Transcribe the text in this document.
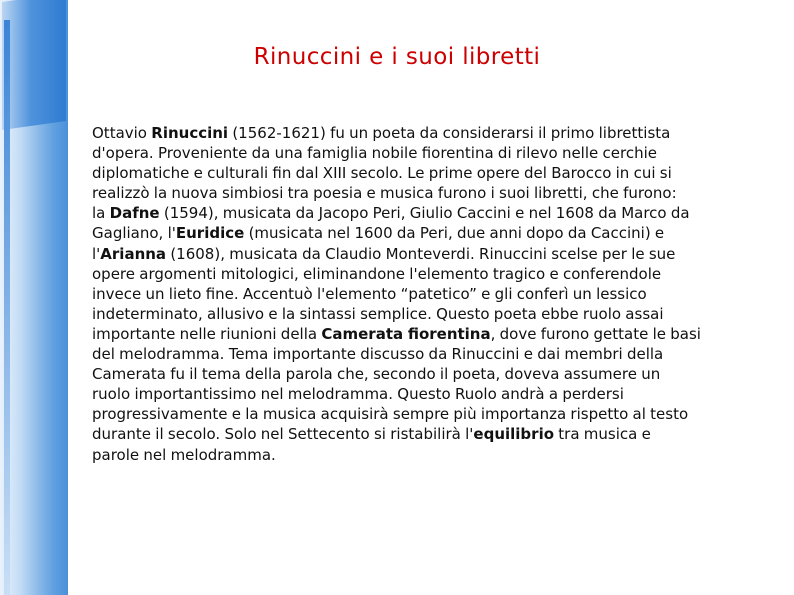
Rinuccini e i suoi libretti
Ottavio Rinuccini (1562-1621) fu un poeta da considerarsi il primo librettista
d'opera. Proveniente da una famiglia nobile fiorentina di rilevo nelle cerchie
diplomatiche e culturali fin dal XIII secolo. Le prime opere del Barocco in cui si
realizzò la nuova simbiosi tra poesia e musica furono i suoi libretti, che furono:
la Dafne (1594), musicata da Jacopo Peri, Giulio Caccini e nel 1608 da Marco da
Gagliano, l'Euridice (musicata nel 1600 da Peri, due anni dopo da Caccini) e
l'Arianna (1608), musicata da Claudio Monteverdi. Rinuccini scelse per le sue
opere argomenti mitologici, eliminandone l'elemento tragico e conferendole
invece un lieto fine. Accentuò l'elemento “patetico” e gli conferì un lessico
indeterminato, allusivo e la sintassi semplice. Questo poeta ebbe ruolo assai
importante nelle riunioni della Camerata fiorentina, dove furono gettate le basi
del melodramma. Tema importante discusso da Rinuccini e dai membri della
Camerata fu il tema della parola che, secondo il poeta, doveva assumere un
ruolo importantissimo nel melodramma. Questo Ruolo andrà a perdersi
progressivamente e la musica acquisirà sempre più importanza rispetto al testo
durante il secolo. Solo nel Settecento si ristabilirà l'equilibrio tra musica e
parole nel melodramma.
